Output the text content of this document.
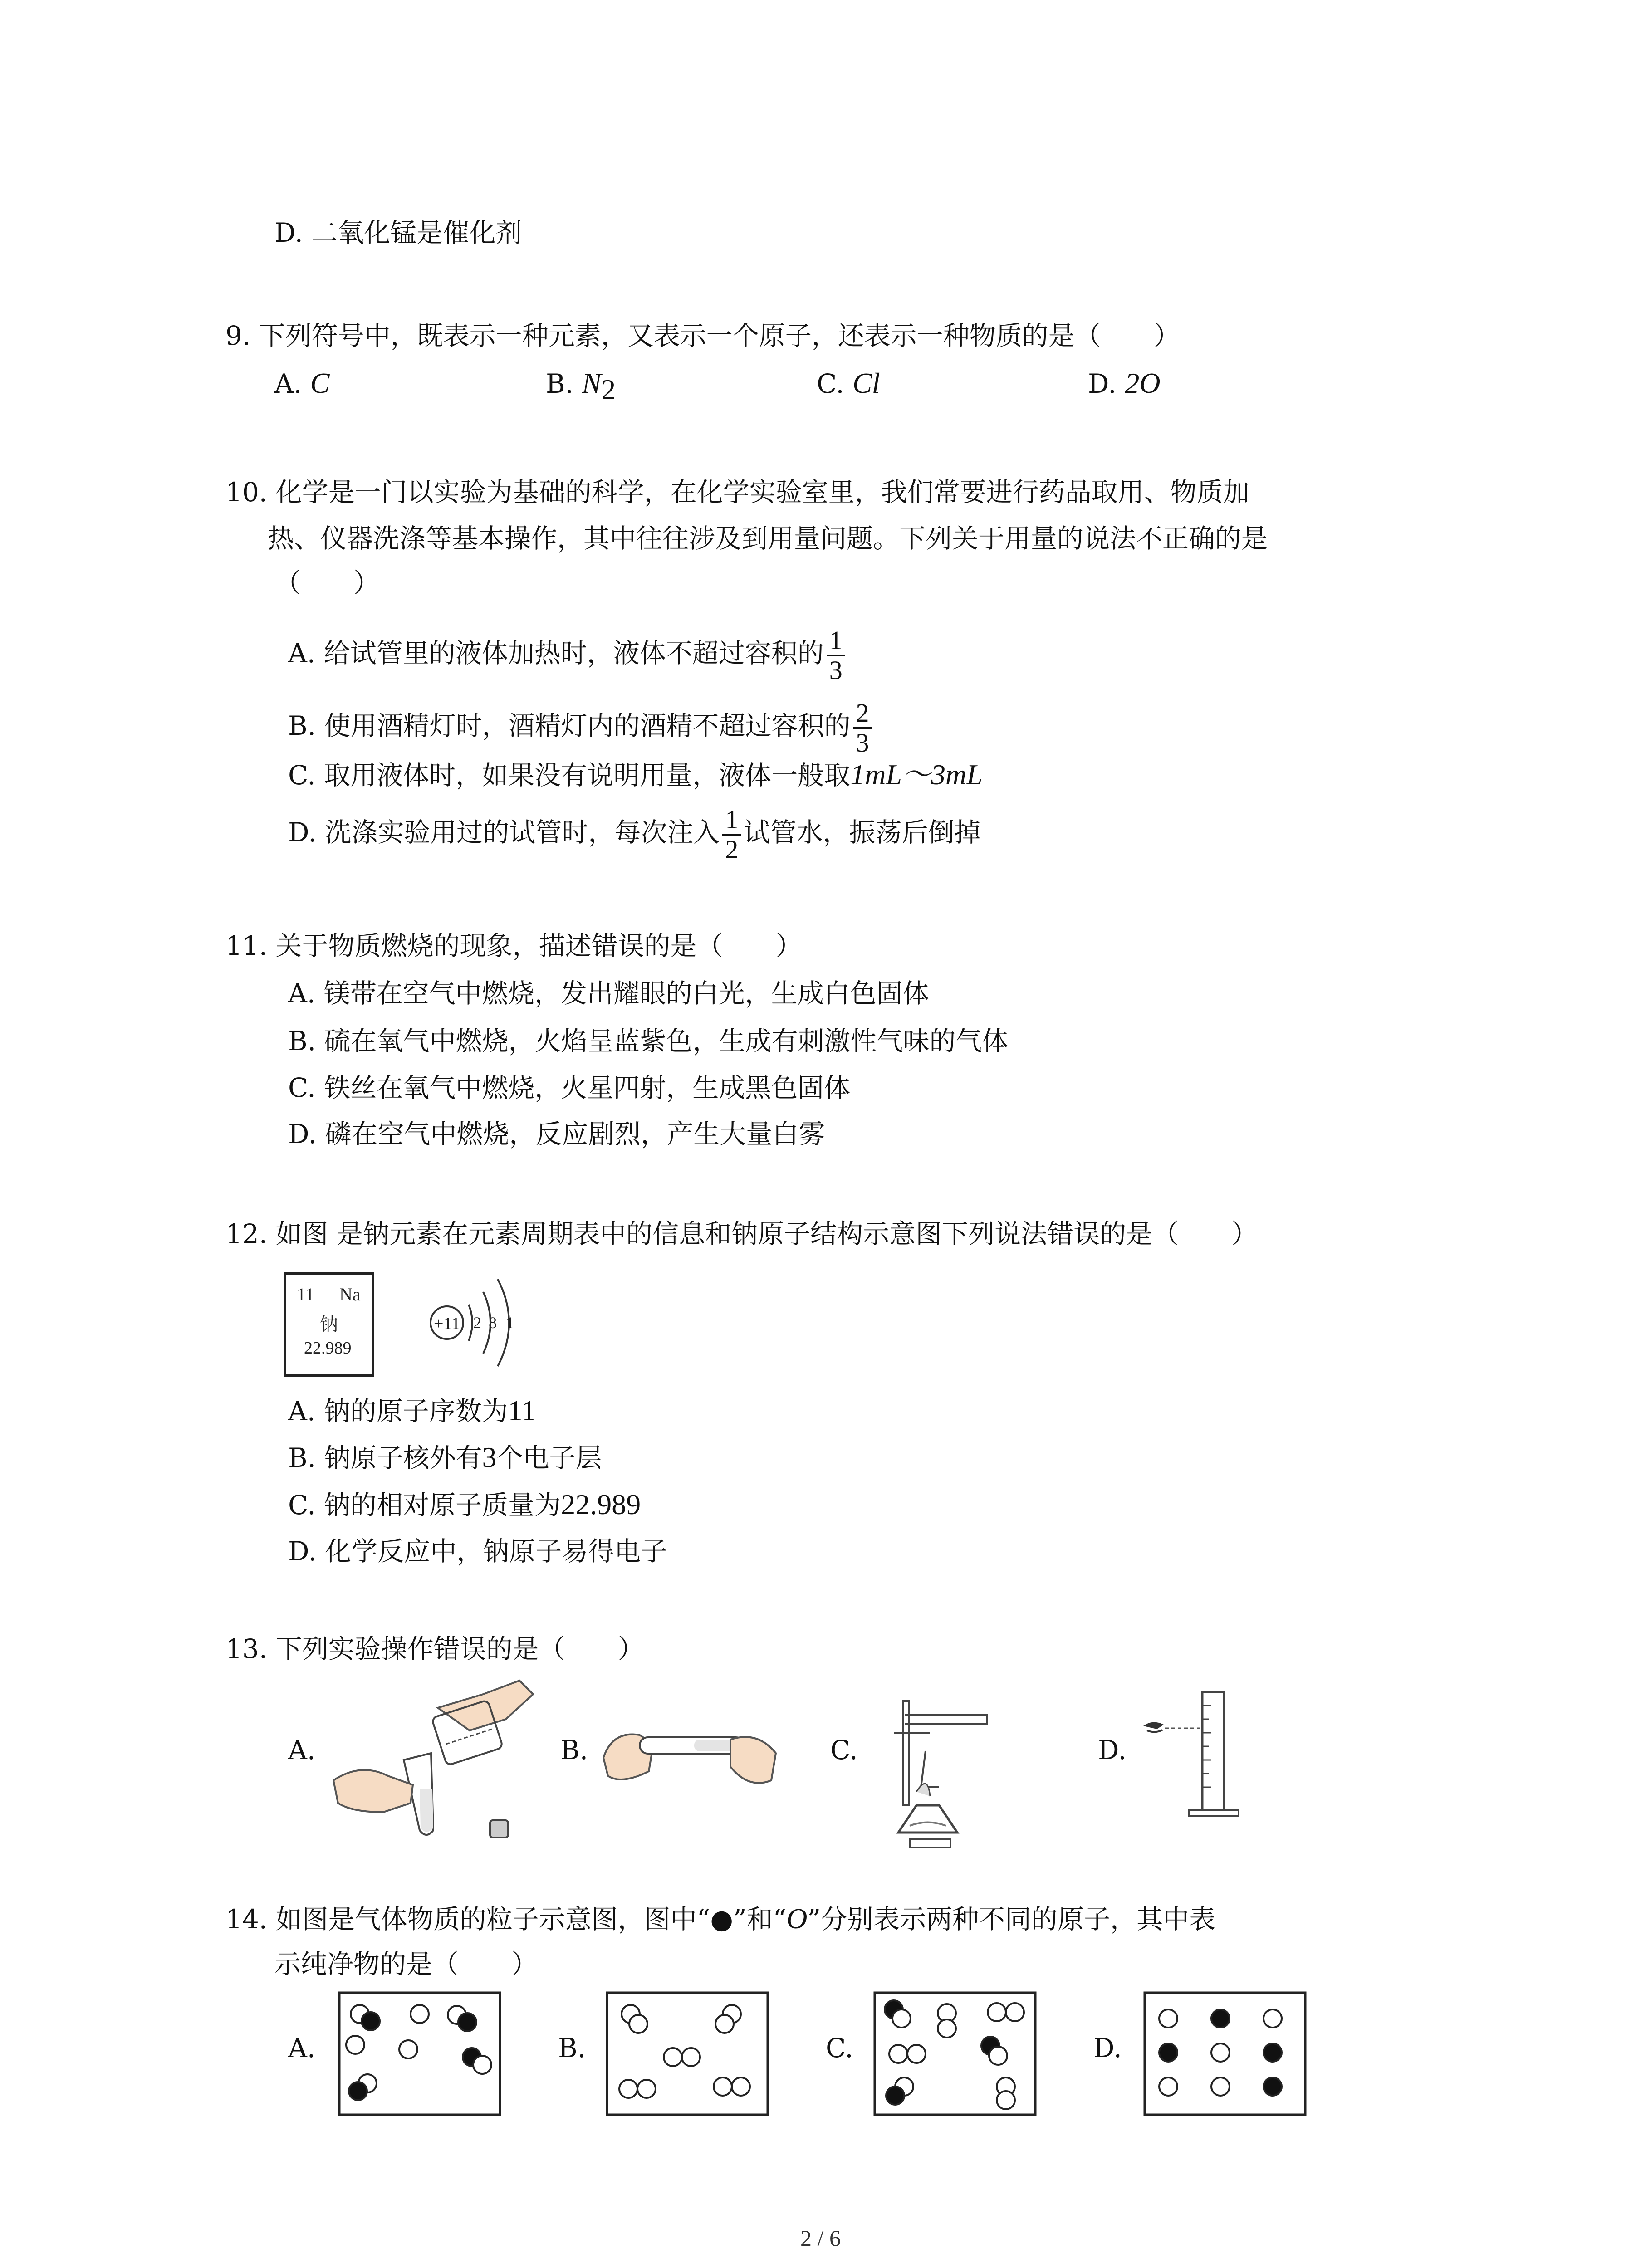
D. 二氧化锰是催化剂
9. 下列符号中，既表示一种元素，又表示一个原子，还表示一种物质的是（　　）
A. C	B. $N_2$	C. Cl	D. 2O
10. 化学是一门以实验为基础的科学，在化学实验室里，我们常要进行药品取用、物质加
热、仪器洗涤等基本操作，其中往往涉及到用量问题。下列关于用量的说法不正确的是
（　　）
A. 给试管里的液体加热时，液体不超过容积的 $\frac{1}{3}$
B. 使用酒精灯时，酒精灯内的酒精不超过容积的 $\frac{2}{3}$
C. 取用液体时，如果没有说明用量，液体一般取1mL～3mL
D. 洗涤实验用过的试管时，每次注入 $\frac{1}{2}$ 试管水，振荡后倒掉
11. 关于物质燃烧的现象，描述错误的是（　　）
A. 镁带在空气中燃烧，发出耀眼的白光，生成白色固体
B. 硫在氧气中燃烧，火焰呈蓝紫色，生成有刺激性气味的气体
C. 铁丝在氧气中燃烧，火星四射，生成黑色固体
D. 磷在空气中燃烧，反应剧烈，产生大量白雾
12. 如图 是钠元素在元素周期表中的信息和钠原子结构示意图下列说法错误的是（　　）
11 Na
钠
22.989
+11 2 8 1
A. 钠的原子序数为11
B. 钠原子核外有3个电子层
C. 钠的相对原子质量为22.989
D. 化学反应中，钠原子易得电子
13. 下列实验操作错误的是（　　）
A.	B.	C.	D.
14. 如图是气体物质的粒子示意图，图中“●”和“O”分别表示两种不同的原子，其中表
示纯净物的是（　　）
A.	B.	C.	D.
2 / 6
